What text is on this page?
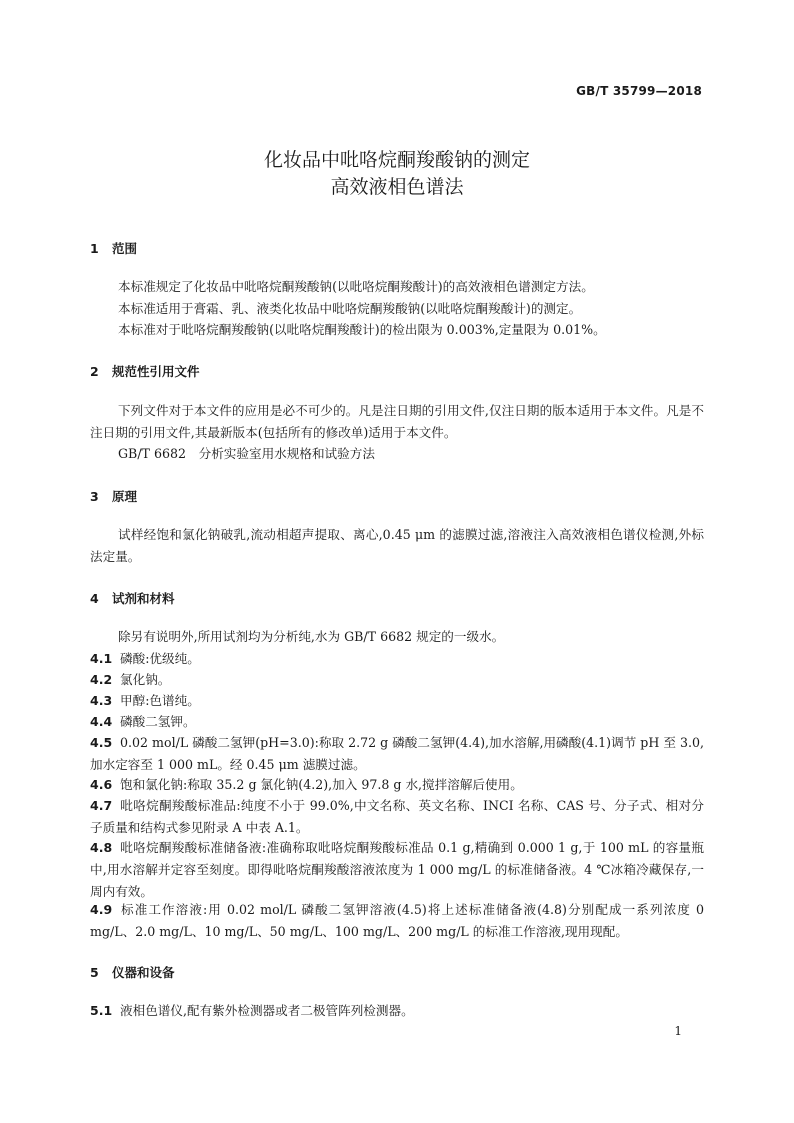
GB/T 35799—2018
化妆品中吡咯烷酮羧酸钠的测定
高效液相色谱法
1 范围
本标准规定了化妆品中吡咯烷酮羧酸钠(以吡咯烷酮羧酸计)的高效液相色谱测定方法。
本标准适用于膏霜、乳、液类化妆品中吡咯烷酮羧酸钠(以吡咯烷酮羧酸计)的测定。
本标准对于吡咯烷酮羧酸钠(以吡咯烷酮羧酸计)的检出限为 0.003%,定量限为 0.01%。
2 规范性引用文件
下列文件对于本文件的应用是必不可少的。凡是注日期的引用文件,仅注日期的版本适用于本文件。凡是不注日期的引用文件,其最新版本(包括所有的修改单)适用于本文件。
GB/T 6682　分析实验室用水规格和试验方法
3 原理
试样经饱和氯化钠破乳,流动相超声提取、离心,0.45 μm 的滤膜过滤,溶液注入高效液相色谱仪检测,外标法定量。
4 试剂和材料
除另有说明外,所用试剂均为分析纯,水为 GB/T 6682 规定的一级水。
4.1 磷酸:优级纯。
4.2 氯化钠。
4.3 甲醇:色谱纯。
4.4 磷酸二氢钾。
4.5 0.02 mol/L 磷酸二氢钾(pH=3.0):称取 2.72 g 磷酸二氢钾(4.4),加水溶解,用磷酸(4.1)调节 pH 至 3.0,加水定容至 1 000 mL。经 0.45 μm 滤膜过滤。
4.6 饱和氯化钠:称取 35.2 g 氯化钠(4.2),加入 97.8 g 水,搅拌溶解后使用。
4.7 吡咯烷酮羧酸标准品:纯度不小于 99.0%,中文名称、英文名称、INCI 名称、CAS 号、分子式、相对分子质量和结构式参见附录 A 中表 A.1。
4.8 吡咯烷酮羧酸标准储备液:准确称取吡咯烷酮羧酸标准品 0.1 g,精确到 0.000 1 g,于 100 mL 的容量瓶中,用水溶解并定容至刻度。即得吡咯烷酮羧酸溶液浓度为 1 000 mg/L 的标准储备液。4 ℃冰箱冷藏保存,一周内有效。
4.9 标准工作溶液:用 0.02 mol/L 磷酸二氢钾溶液(4.5)将上述标准储备液(4.8)分别配成一系列浓度 0 mg/L、2.0 mg/L、10 mg/L、50 mg/L、100 mg/L、200 mg/L 的标准工作溶液,现用现配。
5 仪器和设备
5.1 液相色谱仪,配有紫外检测器或者二极管阵列检测器。
1
